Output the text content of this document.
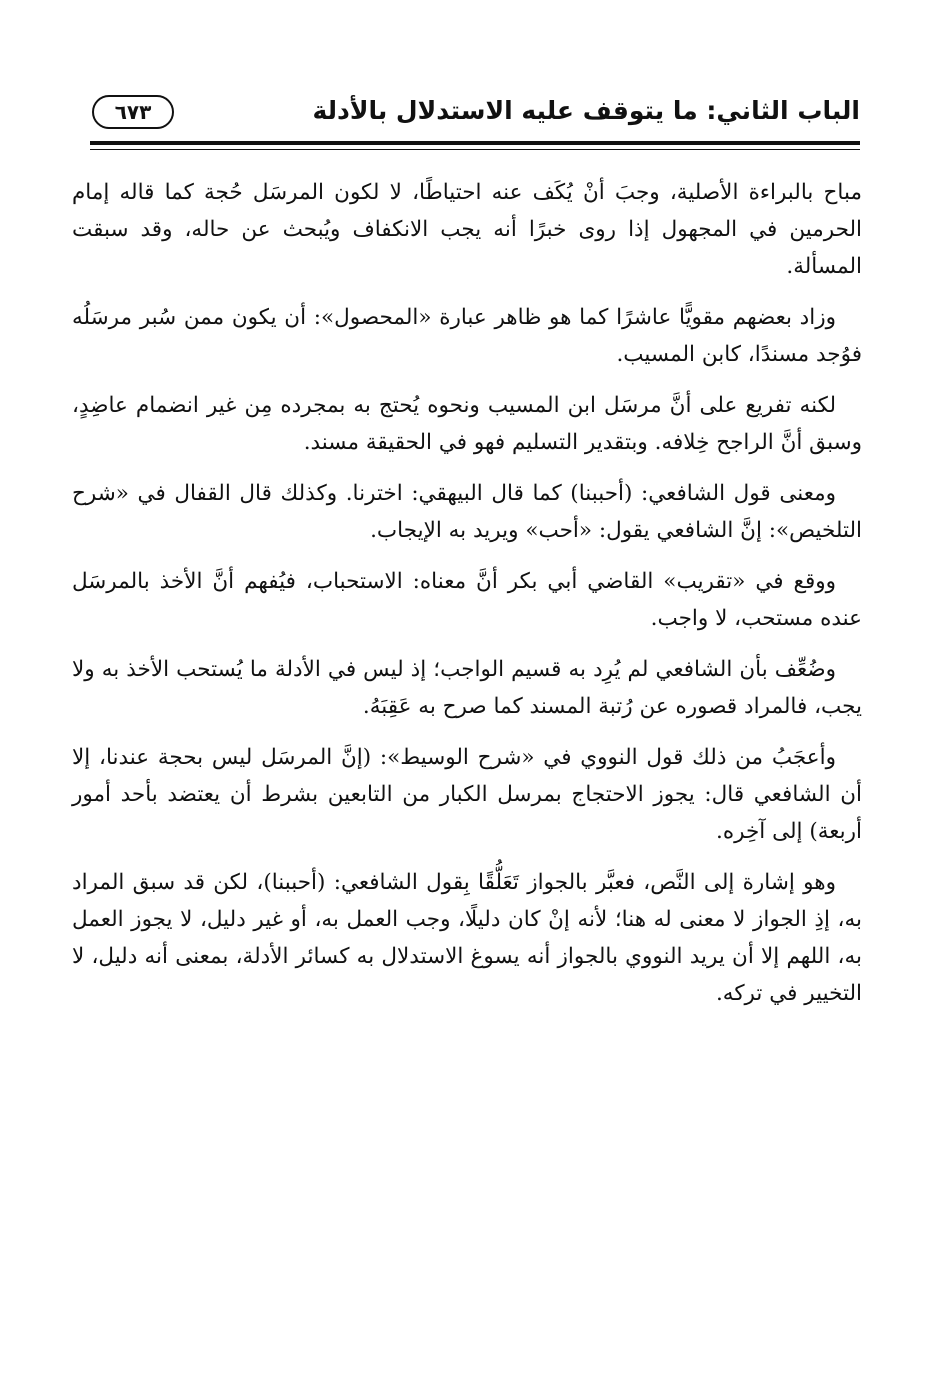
الباب الثاني: ما يتوقف عليه الاستدلال بالأدلة
٦٧٣

مباح بالبراءة الأصلية، وجبَ أنْ يُكَف عنه احتياطًا، لا لكون المرسَل حُجة كما قاله إمام الحرمين في المجهول إذا روى خبرًا أنه يجب الانكفاف ويُبحث عن حاله، وقد سبقت المسألة.

وزاد بعضهم مقويًّا عاشرًا كما هو ظاهر عبارة «المحصول»: أن يكون ممن سُبر مرسَلُه فوُجد مسندًا، كابن المسيب.

لكنه تفريع على أنَّ مرسَل ابن المسيب ونحوه يُحتج به بمجرده مِن غير انضمام عاضِدٍ، وسبق أنَّ الراجح خِلافه. وبتقدير التسليم فهو في الحقيقة مسند.

ومعنى قول الشافعي: (أحببنا) كما قال البيهقي: اخترنا. وكذلك قال القفال في «شرح التلخيص»: إنَّ الشافعي يقول: «أحب» ويريد به الإيجاب.

ووقع في «تقريب» القاضي أبي بكر أنَّ معناه: الاستحباب، فيُفهم أنَّ الأخذ بالمرسَل عنده مستحب، لا واجب.

وضُعِّف بأن الشافعي لم يُرِد به قسيم الواجب؛ إذ ليس في الأدلة ما يُستحب الأخذ به ولا يجب، فالمراد قصوره عن رُتبة المسند كما صرح به عَقِبَهُ.

وأعجَبُ من ذلك قول النووي في «شرح الوسيط»: (إنَّ المرسَل ليس بحجة عندنا، إلا أن الشافعي قال: يجوز الاحتجاج بمرسل الكبار من التابعين بشرط أن يعتضد بأحد أمور أربعة) إلى آخِره.

وهو إشارة إلى النَّص، فعبَّر بالجواز تَعَلُّقًا بِقول الشافعي: (أحببنا)، لكن قد سبق المراد به، إذِ الجواز لا معنى له هنا؛ لأنه إنْ كان دليلًا، وجب العمل به، أو غير دليل، لا يجوز العمل به، اللهم إلا أن يريد النووي بالجواز أنه يسوغ الاستدلال به كسائر الأدلة، بمعنى أنه دليل، لا التخيير في تركه.
